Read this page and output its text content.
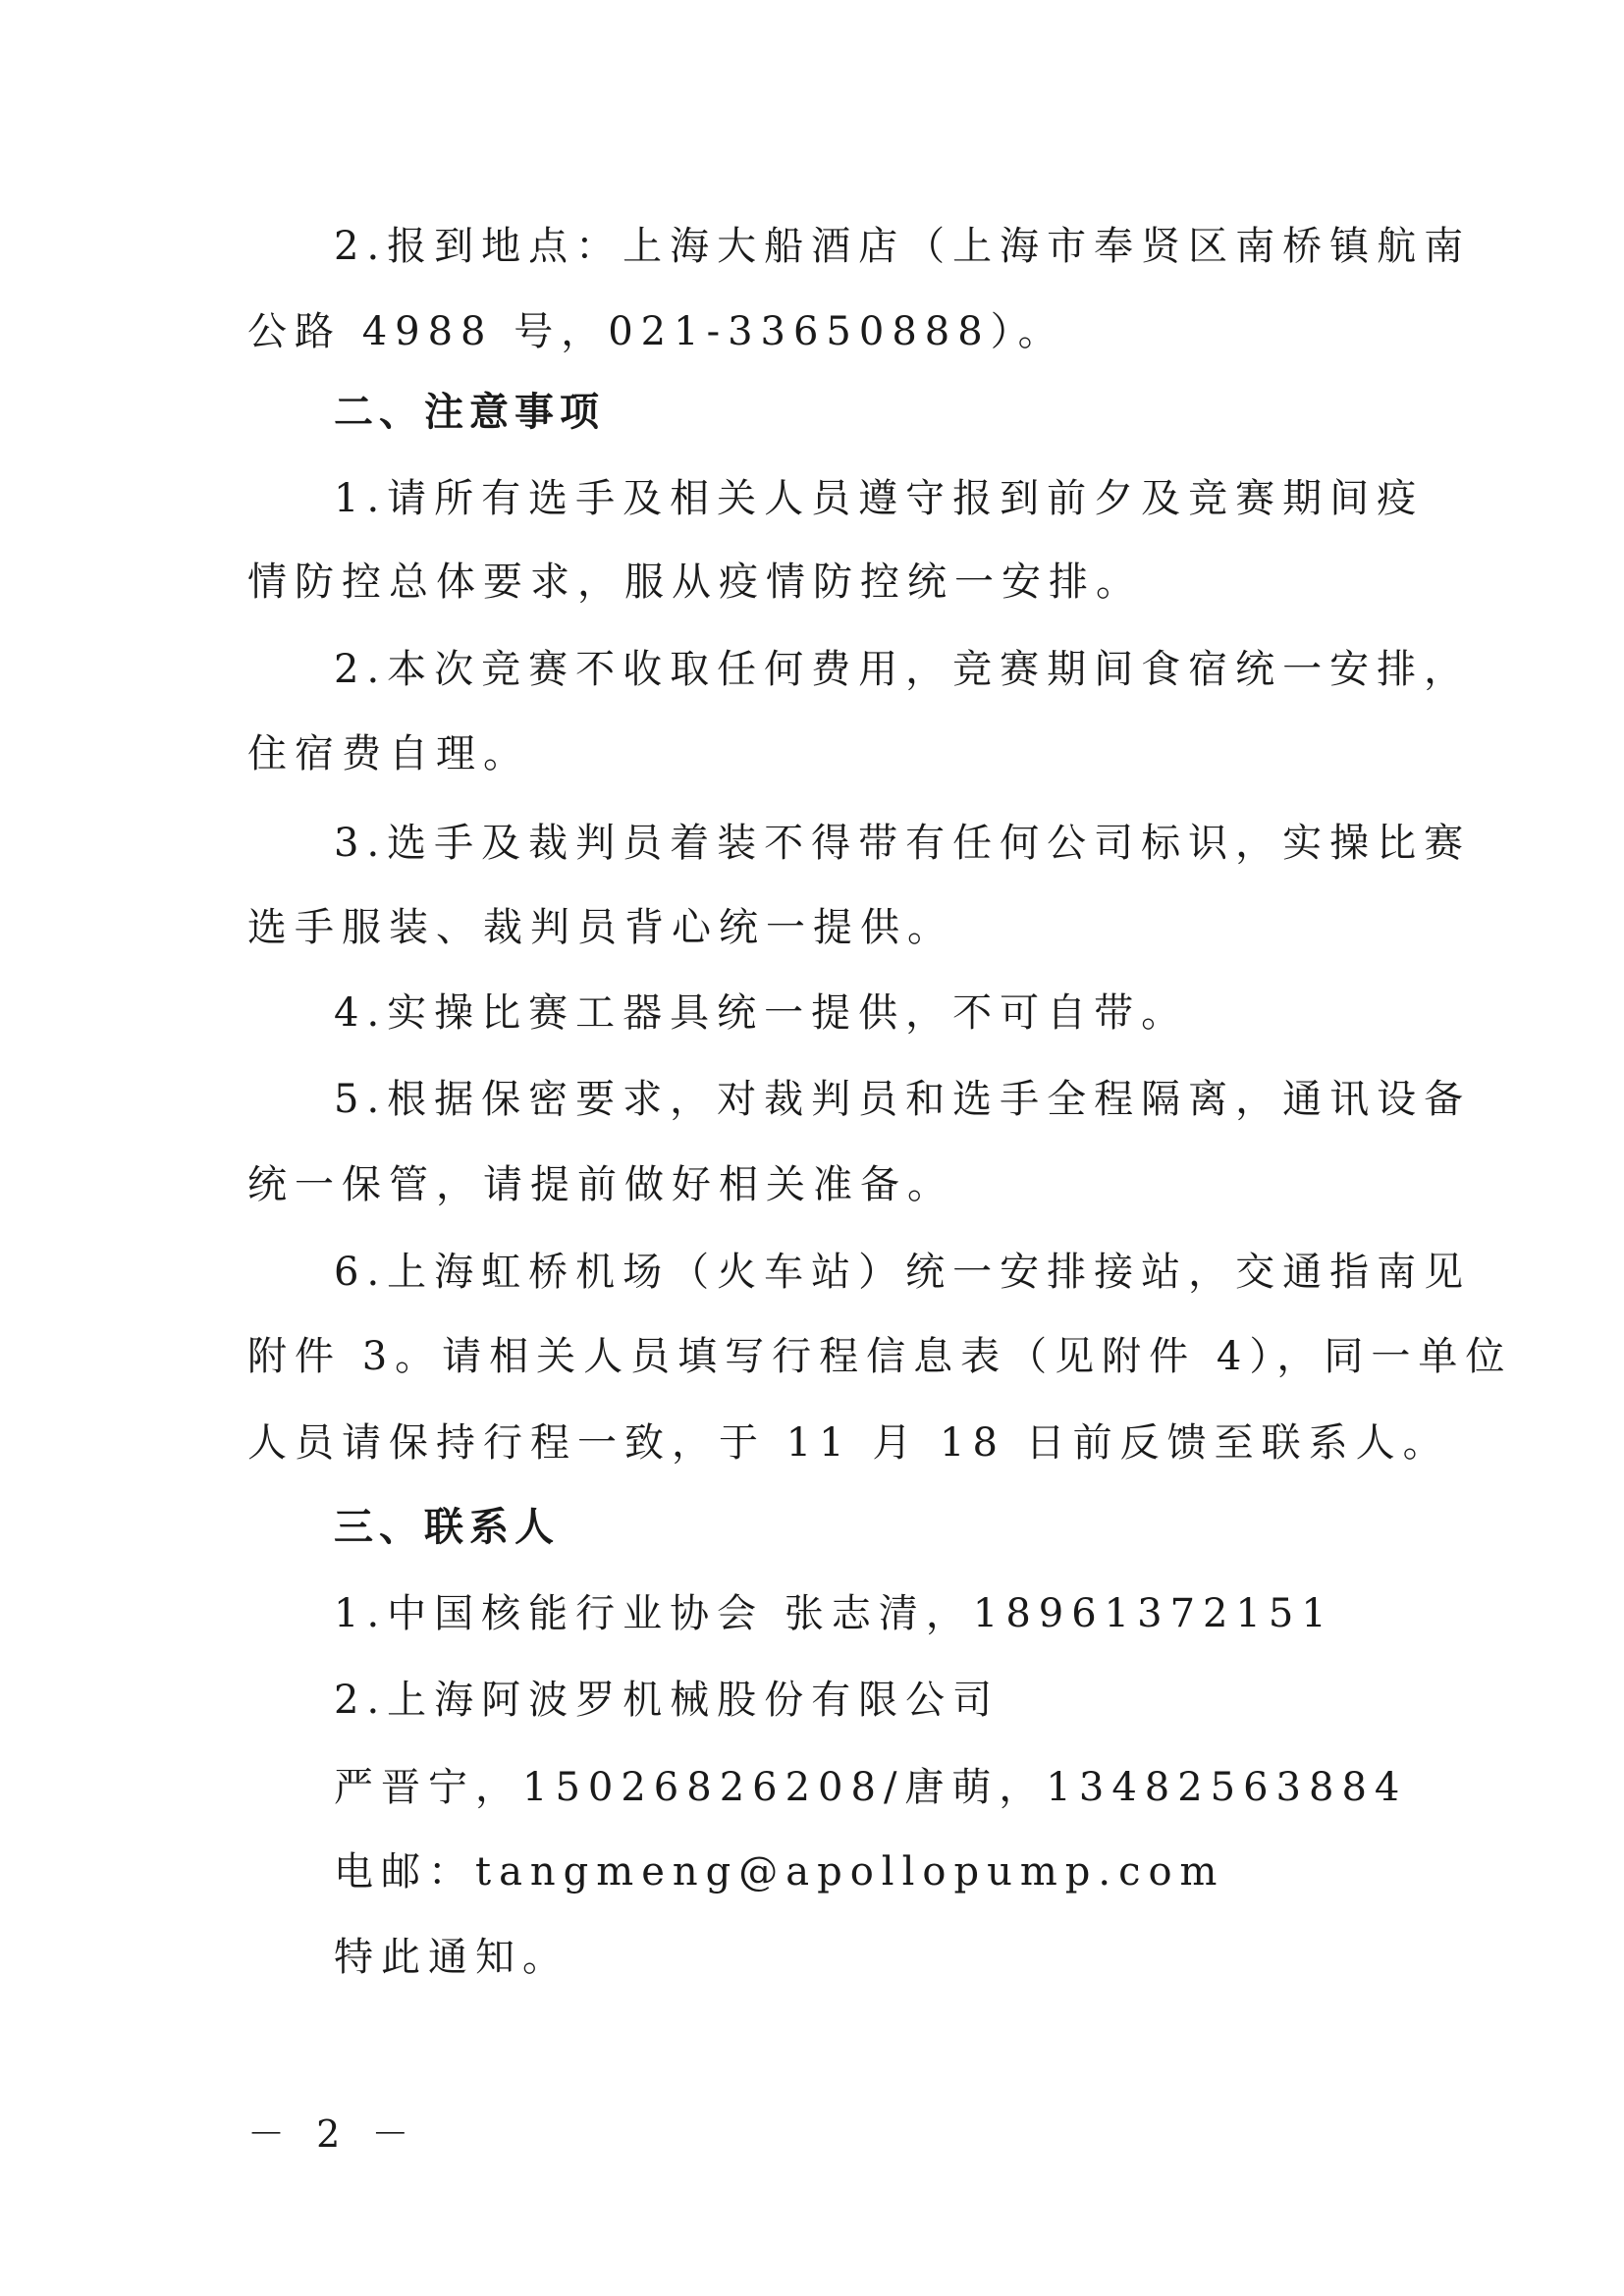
2.报到地点：上海大船酒店（上海市奉贤区南桥镇航南
公路 4988 号，021-33650888）。
二、注意事项
1.请所有选手及相关人员遵守报到前夕及竞赛期间疫
情防控总体要求，服从疫情防控统一安排。
2.本次竞赛不收取任何费用，竞赛期间食宿统一安排，
住宿费自理。
3.选手及裁判员着装不得带有任何公司标识，实操比赛
选手服装、裁判员背心统一提供。
4.实操比赛工器具统一提供，不可自带。
5.根据保密要求，对裁判员和选手全程隔离，通讯设备
统一保管，请提前做好相关准备。
6.上海虹桥机场（火车站）统一安排接站，交通指南见
附件 3。请相关人员填写行程信息表（见附件 4），同一单位
人员请保持行程一致，于 11 月 18 日前反馈至联系人。
三、联系人
1.中国核能行业协会 张志清，18961372151
2.上海阿波罗机械股份有限公司
严晋宁，15026826208/唐萌，13482563884
电邮：tangmeng@apollopump.com
特此通知。
－ 2 －
